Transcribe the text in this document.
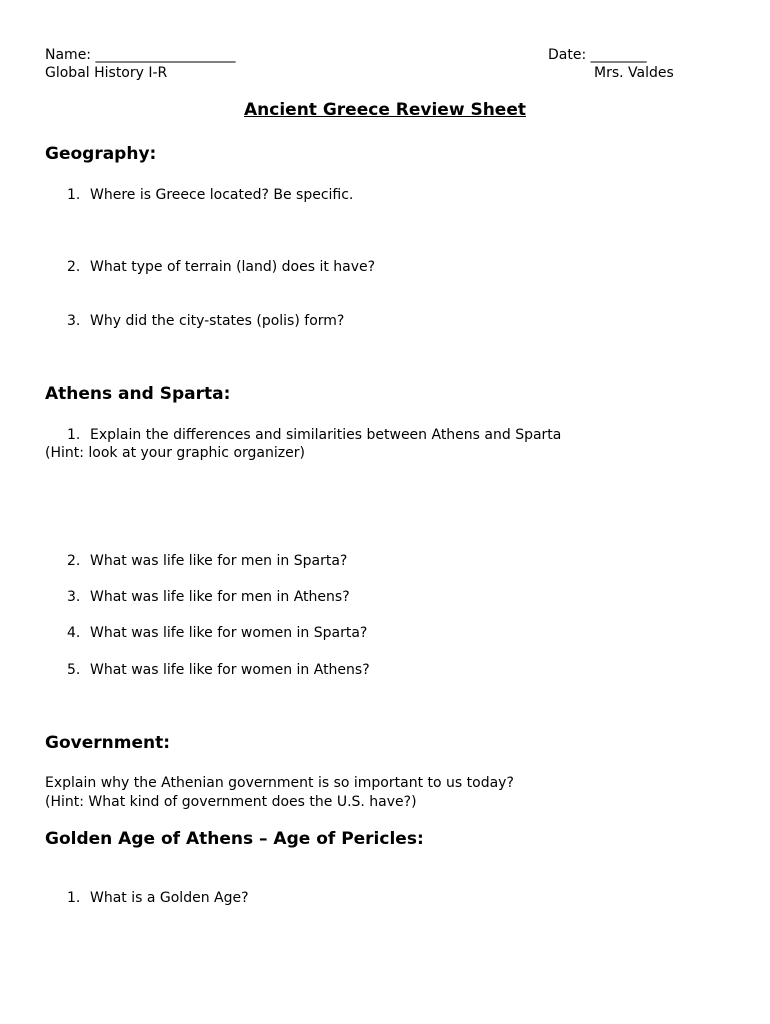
Name: ____________________
Global History I-R
Date: ________
Mrs. Valdes
Ancient Greece Review Sheet
Geography:
1. Where is Greece located? Be specific.
2. What type of terrain (land) does it have?
3. Why did the city-states (polis) form?
Athens and Sparta:
1. Explain the differences and similarities between Athens and Sparta
(Hint: look at your graphic organizer)
2. What was life like for men in Sparta?
3. What was life like for men in Athens?
4. What was life like for women in Sparta?
5. What was life like for women in Athens?
Government:
Explain why the Athenian government is so important to us today?
(Hint: What kind of government does the U.S. have?)
Golden Age of Athens – Age of Pericles:
1. What is a Golden Age?
